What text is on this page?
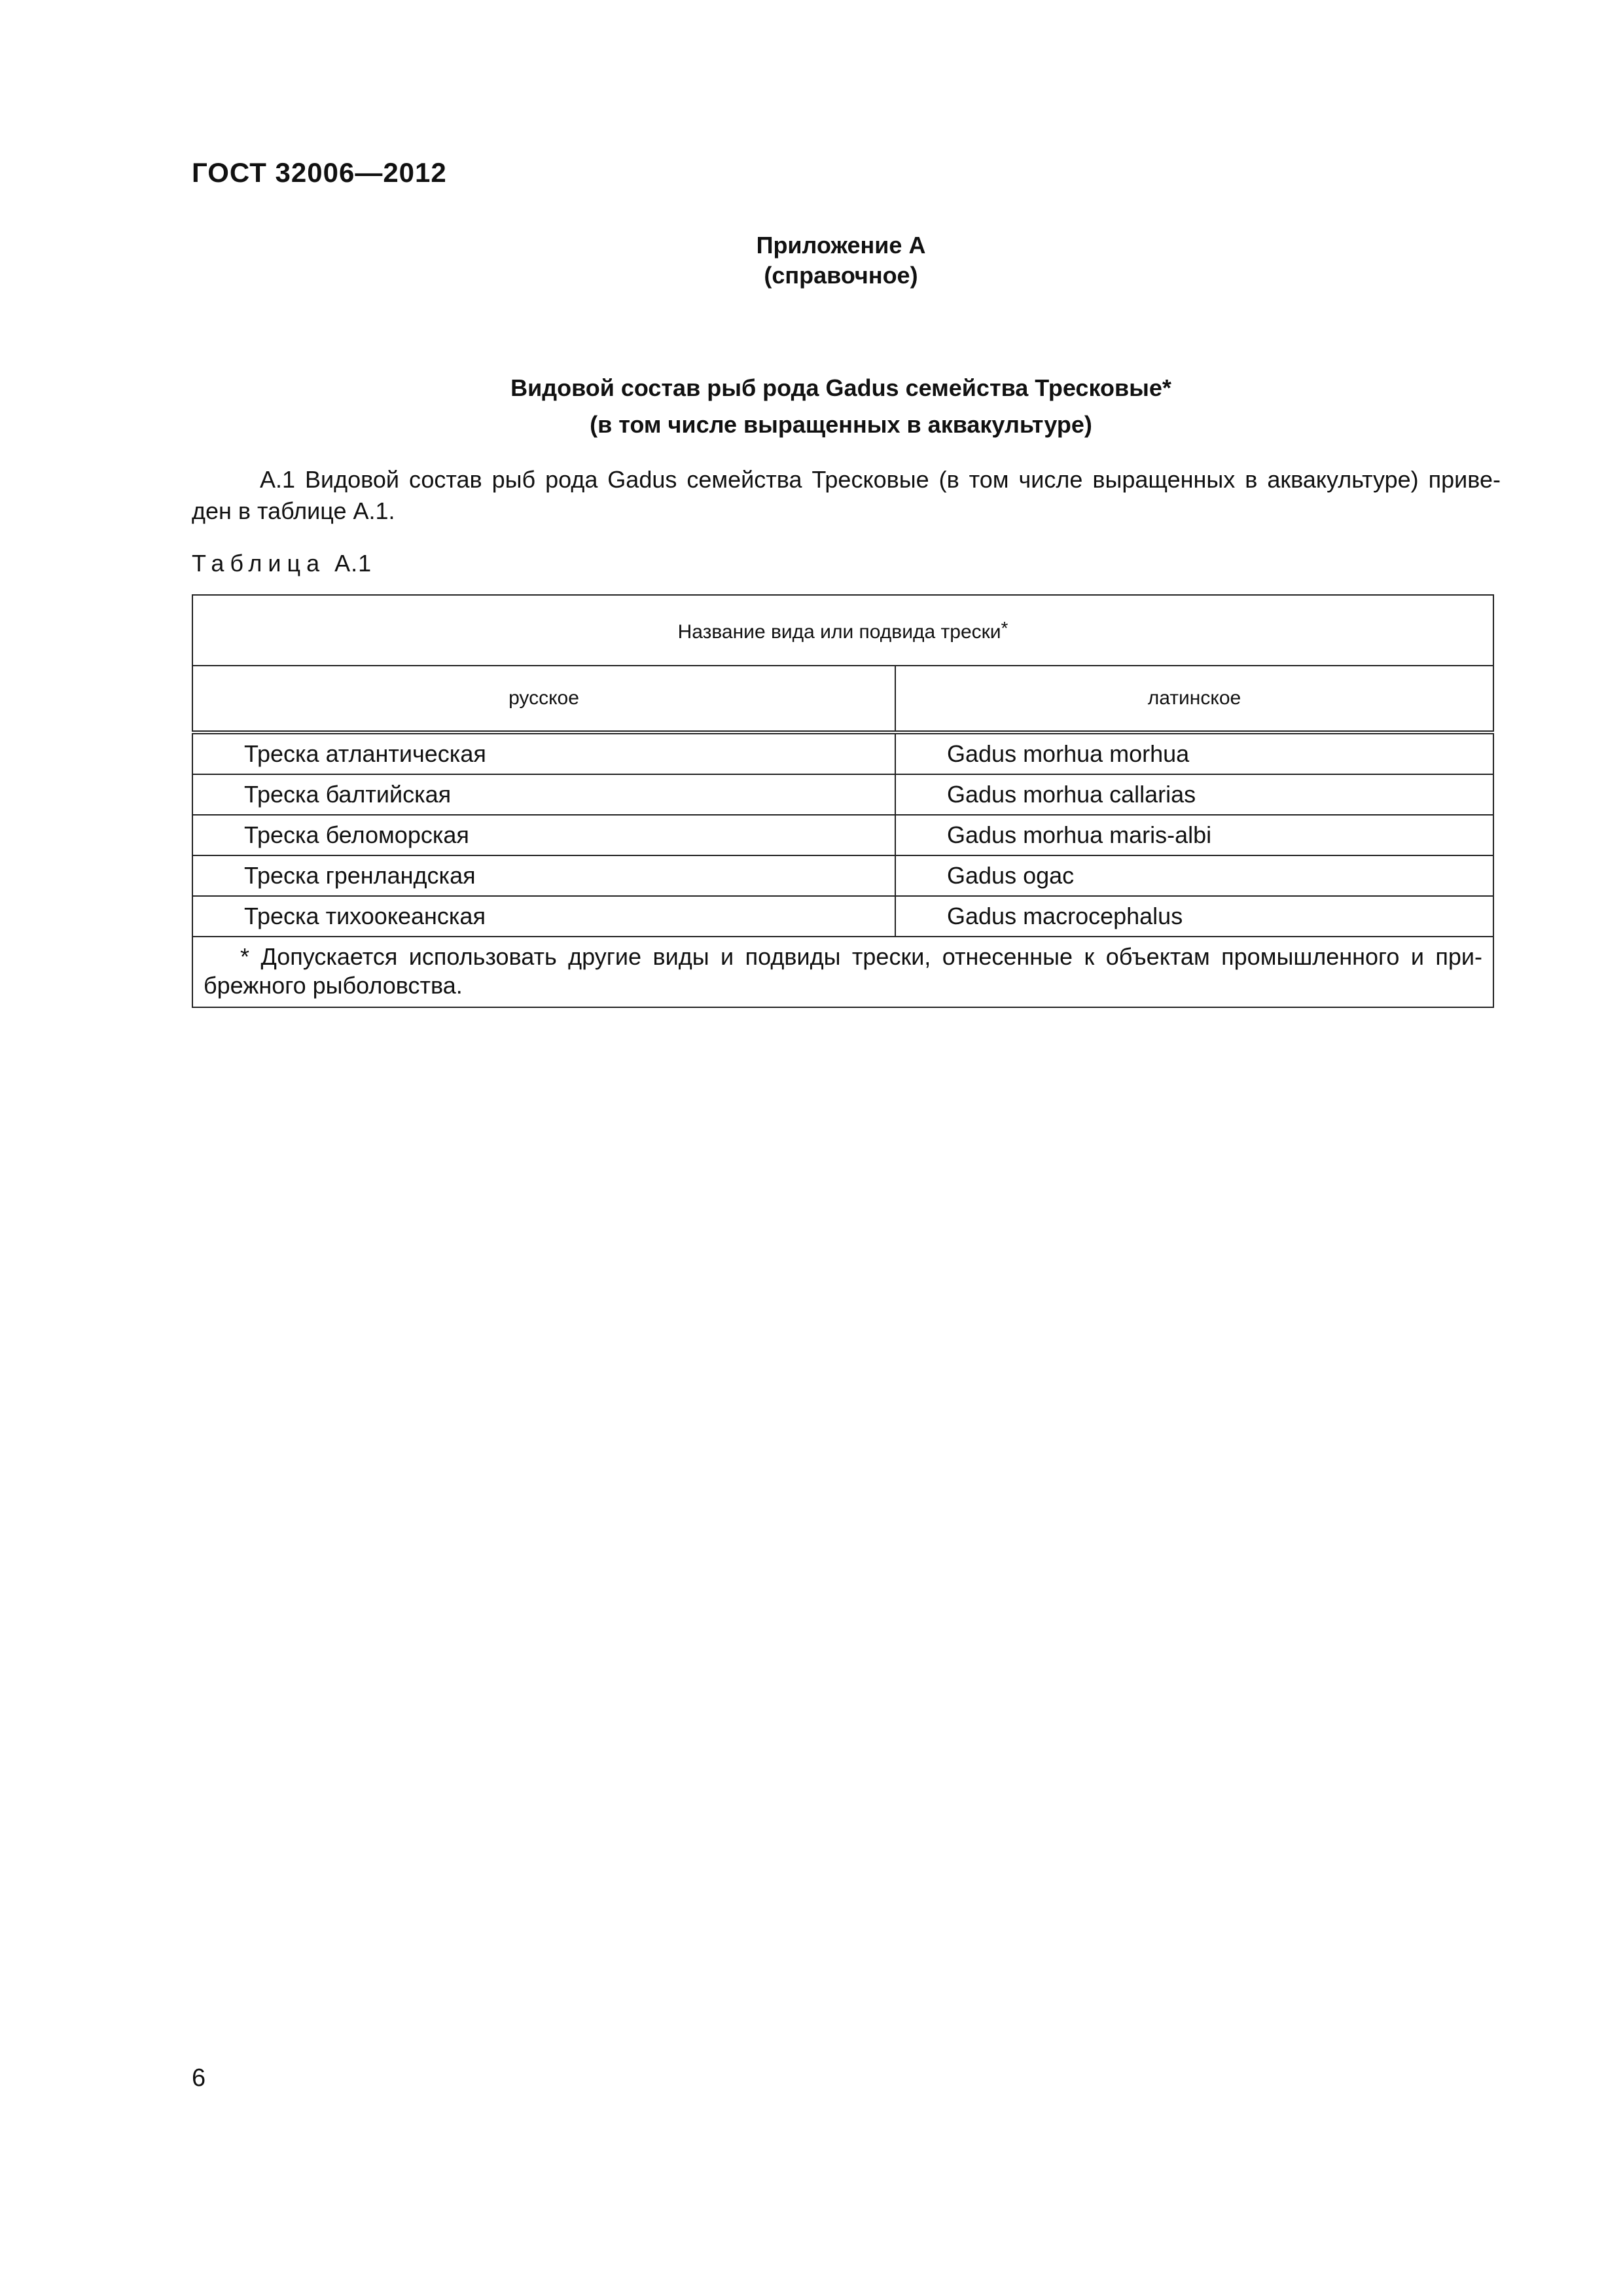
ГОСТ 32006—2012
Приложение А
(справочное)
Видовой состав рыб рода Gadus семейства Тресковые*
(в том числе выращенных в аквакультуре)
А.1 Видовой состав рыб рода Gadus семейства Тресковые (в том числе выращенных в аквакультуре) приве-
ден в таблице А.1.
Таблица А.1
Название вида или подвида трески*
русское	латинское
Треска атлантическая	Gadus morhua morhua
Треска балтийская	Gadus morhua callarias
Треска беломорская	Gadus morhua maris-albi
Треска гренландская	Gadus ogac
Треска тихоокеанская	Gadus macrocephalus
* Допускается использовать другие виды и подвиды трески, отнесенные к объектам промышленного и при-брежного рыболовства.	
6
